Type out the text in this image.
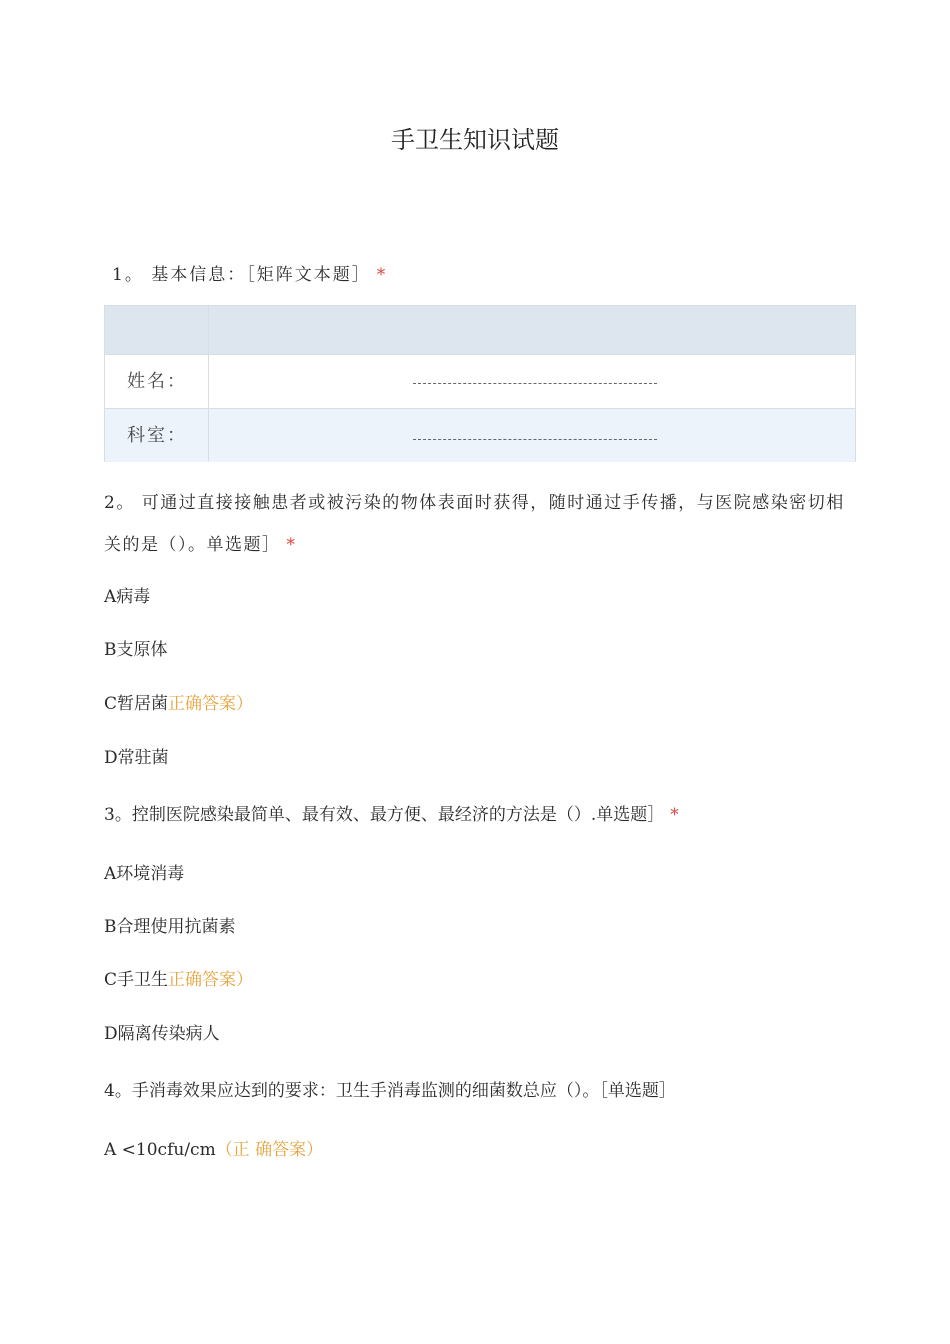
手卫生知识试题
1。 基本信息：［矩阵文本题］ *
姓名：
科室：
2。 可通过直接接触患者或被污染的物体表面时获得，随时通过手传播，与医院感染密切相关的是（）。单选题］ *
A病毒
B支原体
C暂居菌正确答案）
D常驻菌
3。控制医院感染最简单、最有效、最方便、最经济的方法是（）.单选题］ *
A环境消毒
B合理使用抗菌素
C手卫生正确答案）
D隔离传染病人
4。手消毒效果应达到的要求：卫生手消毒监测的细菌数总应（）。［单选题］
A <10cfu/cm（正 确答案）
